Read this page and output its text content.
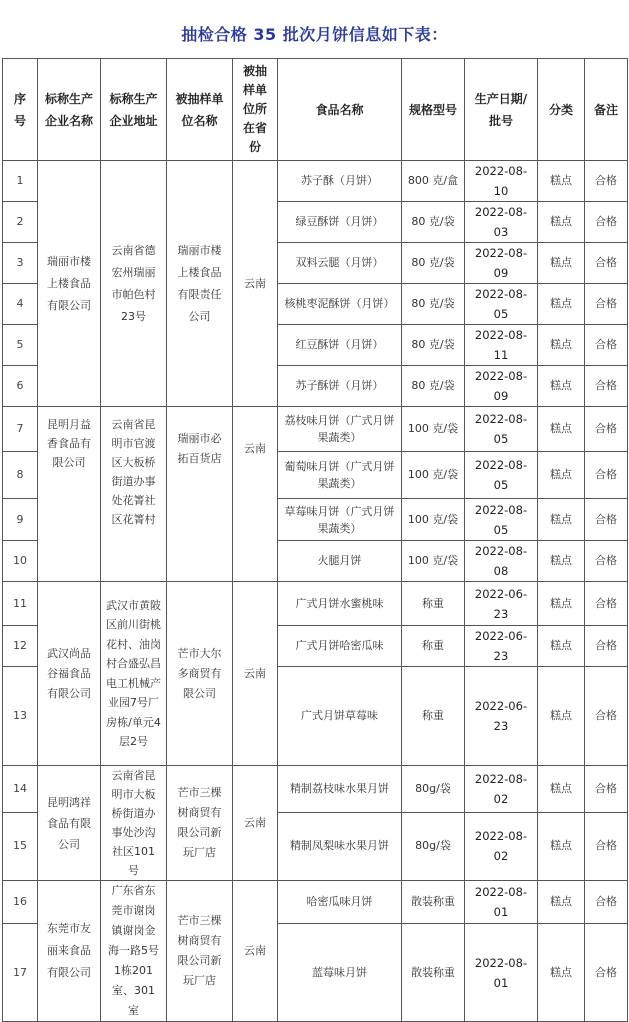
抽检合格 35 批次月饼信息如下表：
序号	标称生产企业名称	标称生产企业地址	被抽样单位名称	被抽样单位所在省份	食品名称	规格型号	生产日期/批号	分类	备注
1	瑞丽市楼上楼食品有限公司	云南省德宏州瑞丽市帕色村23号	瑞丽市楼上楼食品有限责任公司	云南	苏子酥（月饼）	800 克/盒	2022-08-10	糕点	合格
2					绿豆酥饼（月饼）	80 克/袋	2022-08-03	糕点	合格
3					双料云腿（月饼）	80 克/袋	2022-08-09	糕点	合格
4					核桃枣泥酥饼（月饼）	80 克/袋	2022-08-05	糕点	合格
5					红豆酥饼（月饼）	80 克/袋	2022-08-11	糕点	合格
6					苏子酥饼（月饼）	80 克/袋	2022-08-09	糕点	合格
7	昆明月益香食品有限公司	云南省昆明市官渡区大板桥街道办事处花箐社区花箐村	瑞丽市必拓百货店	云南	荔枝味月饼（广式月饼果蔬类）	100 克/袋	2022-08-05	糕点	合格
8					葡萄味月饼（广式月饼果蔬类）	100 克/袋	2022-08-05	糕点	合格
9					草莓味月饼（广式月饼果蔬类）	100 克/袋	2022-08-05	糕点	合格
10					火腿月饼	100 克/袋	2022-08-08	糕点	合格
11	武汉尚品谷福食品有限公司	武汉市黄陂区前川街桃花村、油岗村合盛弘昌电工机械产业园7号厂房栋/单元4层2号	芒市大尔多商贸有限公司	云南	广式月饼水蜜桃味	称重	2022-06-23	糕点	合格
12					广式月饼哈密瓜味	称重	2022-06-23	糕点	合格
13					广式月饼草莓味	称重	2022-06-23	糕点	合格
14	昆明鸿祥食品有限公司	云南省昆明市大板桥街道办事处沙沟社区101号	芒市三棵树商贸有限公司新玩厂店	云南	精制荔枝味水果月饼	80g/袋	2022-08-02	糕点	合格
15					精制凤梨味水果月饼	80g/袋	2022-08-02	糕点	合格
16	东莞市友丽来食品有限公司	广东省东莞市谢岗镇谢岗金海一路5号1栋201室、301室	芒市三棵树商贸有限公司新玩厂店	云南	哈密瓜味月饼	散装称重	2022-08-01	糕点	合格
17					蓝莓味月饼	散装称重	2022-08-01	糕点	合格
